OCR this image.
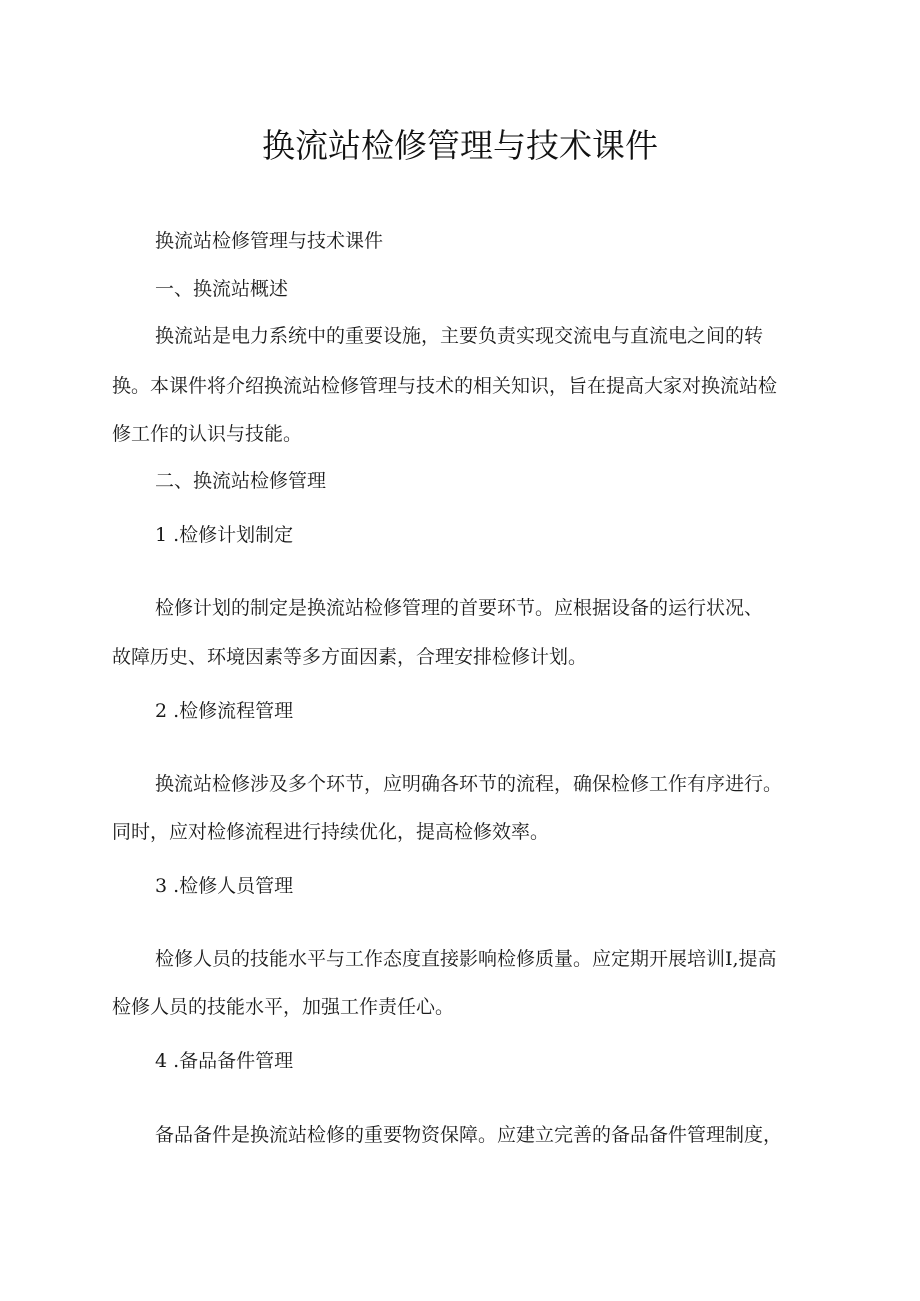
换流站检修管理与技术课件

换流站检修管理与技术课件

一、换流站概述

换流站是电力系统中的重要设施，主要负责实现交流电与直流电之间的转

换。本课件将介绍换流站检修管理与技术的相关知识，旨在提高大家对换流站检

修工作的认识与技能。

二、换流站检修管理

1 .检修计划制定

检修计划的制定是换流站检修管理的首要环节。应根据设备的运行状况、

故障历史、环境因素等多方面因素，合理安排检修计划。

2 .检修流程管理

换流站检修涉及多个环节，应明确各环节的流程，确保检修工作有序进行。

同时，应对检修流程进行持续优化，提高检修效率。

3 .检修人员管理

检修人员的技能水平与工作态度直接影响检修质量。应定期开展培训I,提高

检修人员的技能水平，加强工作责任心。

4 .备品备件管理

备品备件是换流站检修的重要物资保障。应建立完善的备品备件管理制度，
